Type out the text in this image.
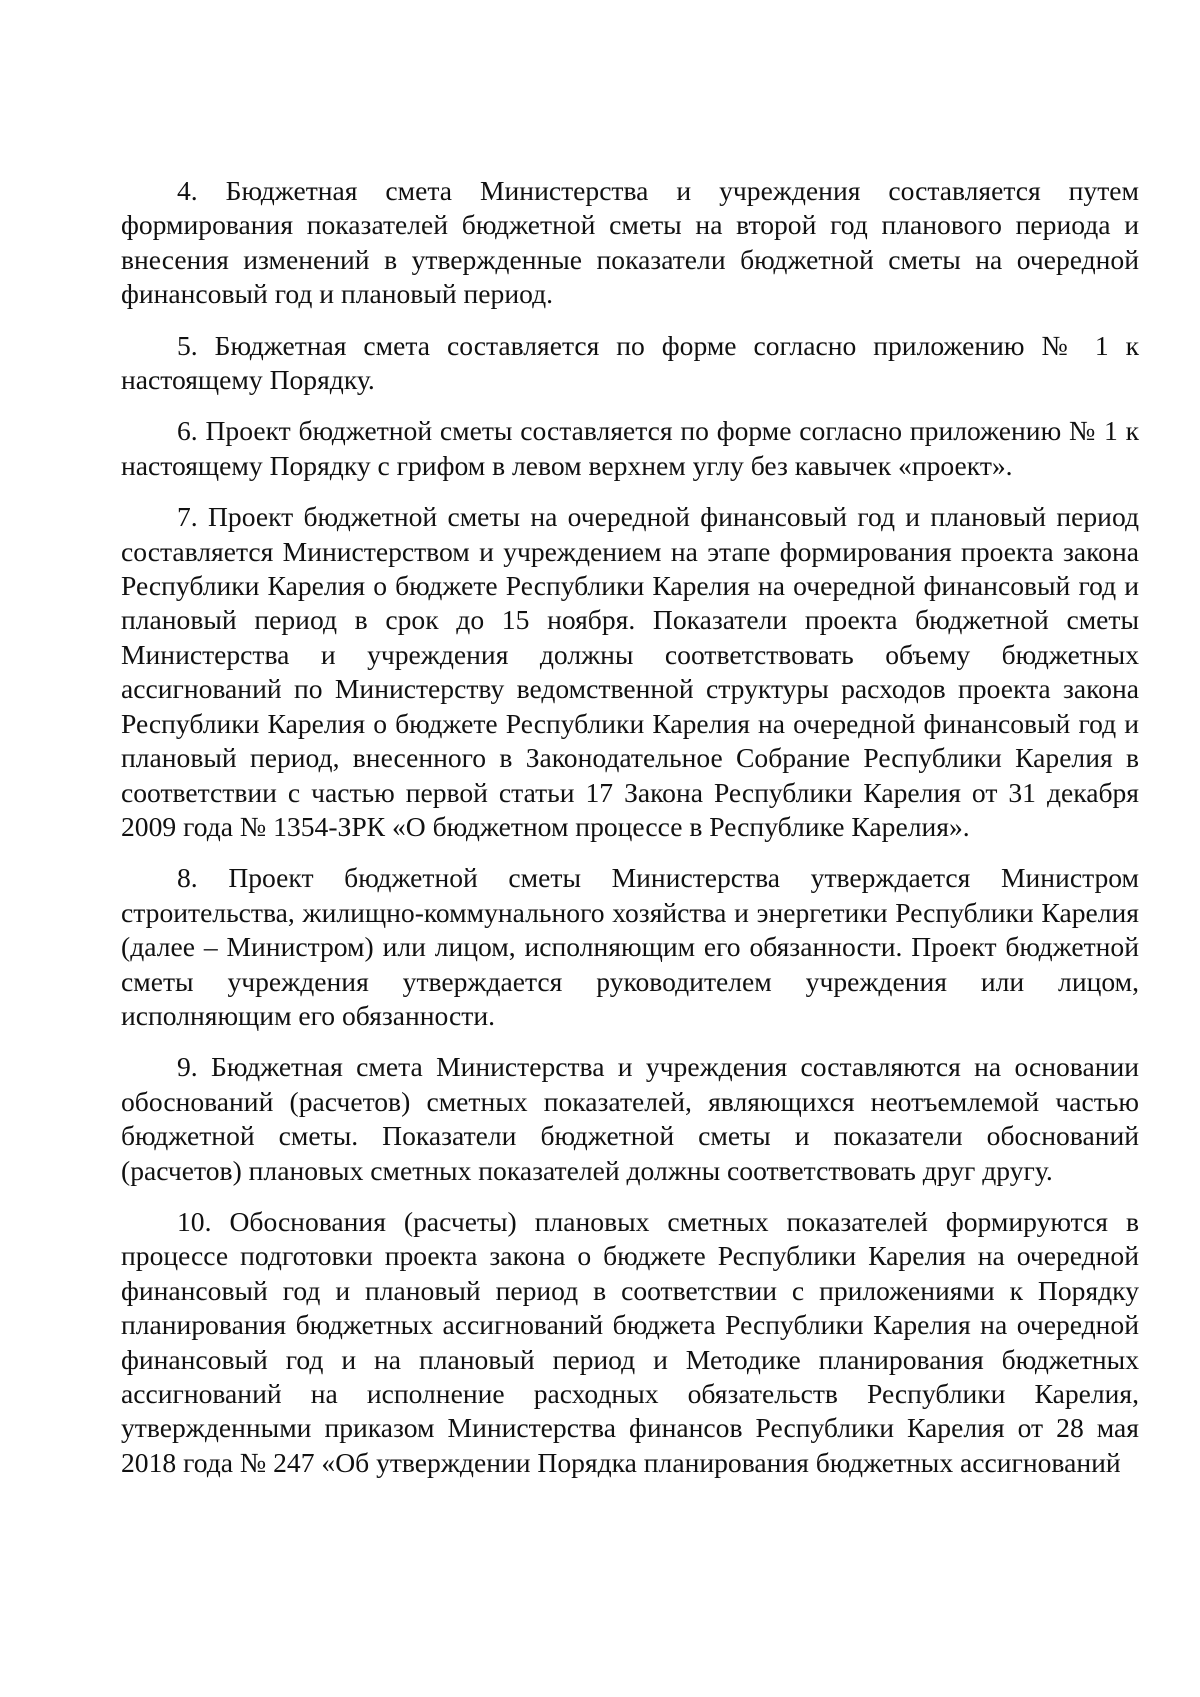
4. Бюджетная смета Министерства и учреждения составляется путем формирования показателей бюджетной сметы на второй год планового периода и внесения изменений в утвержденные показатели бюджетной сметы на очередной финансовый год и плановый период.

5. Бюджетная смета составляется по форме согласно приложению № 1 к настоящему Порядку.

6. Проект бюджетной сметы составляется по форме согласно приложению № 1 к настоящему Порядку с грифом в левом верхнем углу без кавычек «проект».

7. Проект бюджетной сметы на очередной финансовый год и плановый период составляется Министерством и учреждением на этапе формирования проекта закона Республики Карелия о бюджете Республики Карелия на очередной финансовый год и плановый период в срок до 15 ноября. Показатели проекта бюджетной сметы Министерства и учреждения должны соответствовать объему бюджетных ассигнований по Министерству ведомственной структуры расходов проекта закона Республики Карелия о бюджете Республики Карелия на очередной финансовый год и плановый период, внесенного в Законодательное Собрание Республики Карелия в соответствии с частью первой статьи 17 Закона Республики Карелия от 31 декабря 2009 года № 1354-ЗРК «О бюджетном процессе в Республике Карелия».

8. Проект бюджетной сметы Министерства утверждается Министром строительства, жилищно-коммунального хозяйства и энергетики Республики Карелия (далее – Министром) или лицом, исполняющим его обязанности. Проект бюджетной сметы учреждения утверждается руководителем учреждения или лицом, исполняющим его обязанности.

9. Бюджетная смета Министерства и учреждения составляются на основании обоснований (расчетов) сметных показателей, являющихся неотъемлемой частью бюджетной сметы. Показатели бюджетной сметы и показатели обоснований (расчетов) плановых сметных показателей должны соответствовать друг другу.

10. Обоснования (расчеты) плановых сметных показателей формируются в процессе подготовки проекта закона о бюджете Республики Карелия на очередной финансовый год и плановый период в соответствии с приложениями к Порядку планирования бюджетных ассигнований бюджета Республики Карелия на очередной финансовый год и на плановый период и Методике планирования бюджетных ассигнований на исполнение расходных обязательств Республики Карелия, утвержденными приказом Министерства финансов Республики Карелия от 28 мая 2018 года № 247 «Об утверждении Порядка планирования бюджетных ассигнований
